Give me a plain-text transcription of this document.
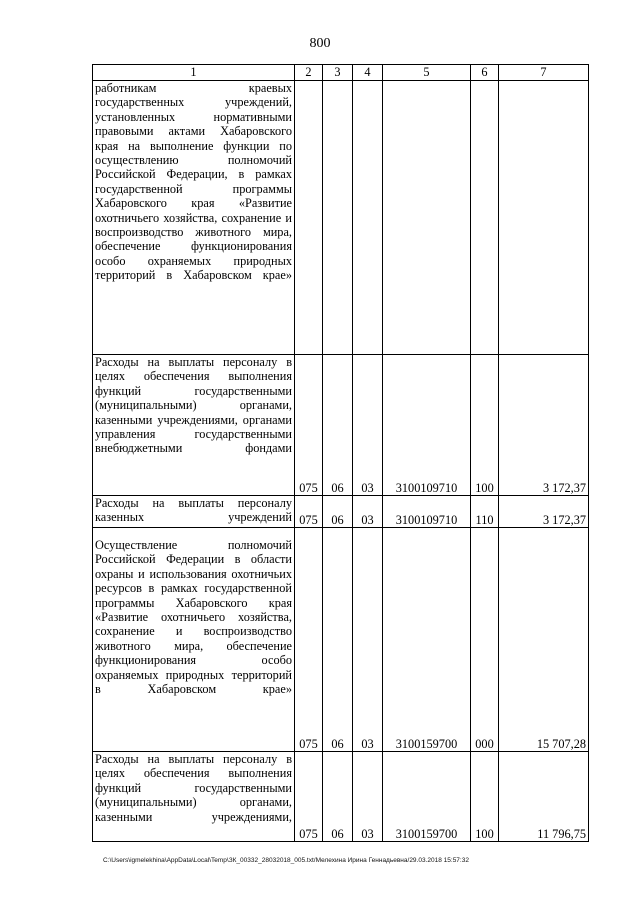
800
1	2	3	4	5	6	7
работникам краевых государственных учреждений, установленных нормативными правовыми актами Хабаровского края на выполнение функции по осуществлению полномочий Российской Федерации, в рамках государственной программы Хабаровского края «Развитие охотничьего хозяйства, сохранение и воспроизводство животного мира, обеспечение функционирования особо охраняемых природных территорий в Хабаровском крае»						
Расходы на выплаты персоналу в целях обеспечения выполнения функций государственными (муниципальными) органами, казенными учреждениями, органами управления государственными внебюджетными фондами	075	06	03	3100109710	100	3 172,37
Расходы на выплаты персоналу казенных учреждений	075	06	03	3100109710	110	3 172,37
Осуществление полномочий Российской Федерации в области охраны и использования охотничьих ресурсов в рамках государственной программы Хабаровского края «Развитие охотничьего хозяйства, сохранение и воспроизводство животного мира, обеспечение функционирования особо охраняемых природных территорий в Хабаровском крае»	075	06	03	3100159700	000	15 707,28
Расходы на выплаты персоналу в целях обеспечения выполнения функций государственными (муниципальными) органами, казенными учреждениями,	075	06	03	3100159700	100	11 796,75
C:\Users\igmelekhina\AppData\Local\Temp\ЗК_00332_28032018_005.txt/Мелехина Ирина Геннадьевна/29.03.2018 15:57:32
